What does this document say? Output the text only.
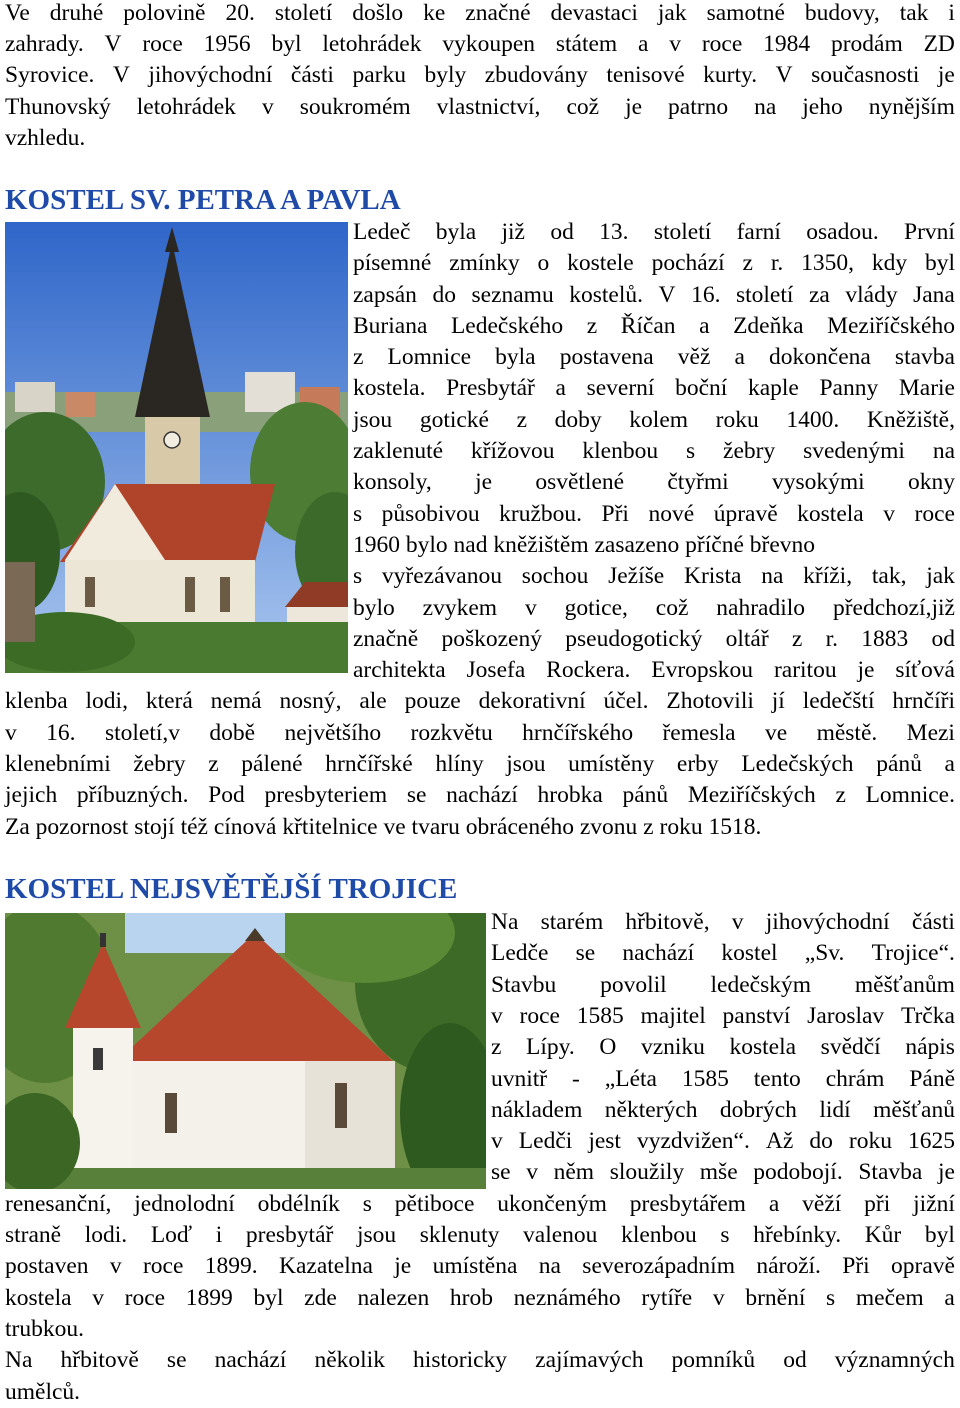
Ve druhé polovině 20. století došlo ke značné devastaci jak samotné budovy, tak i
zahrady. V roce 1956 byl letohrádek vykoupen státem a v roce 1984 prodám ZD
Syrovice. V jihovýchodní části parku byly zbudovány tenisové kurty. V současnosti je
Thunovský letohrádek v soukromém vlastnictví, což je patrno na jeho nynějším
vzhledu.
KOSTEL SV. PETRA A PAVLA
Ledeč byla již od 13. století farní osadou. První
písemné zmínky o kostele pochází z r. 1350, kdy byl
zapsán do seznamu kostelů. V 16. století za vlády Jana
Buriana Ledečského z Říčan a Zdeňka Meziříčského
z Lomnice byla postavena věž a dokončena stavba
kostela. Presbytář a severní boční kaple Panny Marie
jsou gotické z doby kolem roku 1400. Kněžiště,
zaklenuté křížovou klenbou s žebry svedenými na
konsoly, je osvětlené čtyřmi vysokými okny
s působivou kružbou. Při nové úpravě kostela v roce
1960 bylo nad kněžištěm zasazeno příčné břevno
s vyřezávanou sochou Ježíše Krista na kříži, tak, jak
bylo zvykem v gotice, což nahradilo předchozí,již
značně poškozený pseudogotický oltář z r. 1883 od
architekta Josefa Rockera. Evropskou raritou je síťová
klenba lodi, která nemá nosný, ale pouze dekorativní účel. Zhotovili jí ledečští hrnčíři
v 16. století,v době největšího rozkvětu hrnčířského řemesla ve městě. Mezi
klenebními žebry z pálené hrnčířské hlíny jsou umístěny erby Ledečských pánů a
jejich příbuzných. Pod presbyteriem se nachází hrobka pánů Meziříčských z Lomnice.
Za pozornost stojí též cínová křtitelnice ve tvaru obráceného zvonu z roku 1518.
KOSTEL NEJSVĚTĚJŠÍ TROJICE
Na starém hřbitově, v jihovýchodní části
Ledče se nachází kostel „Sv. Trojice“.
Stavbu povolil ledečským měšťanům
v roce 1585 majitel panství Jaroslav Trčka
z Lípy. O vzniku kostela svědčí nápis
uvnitř - „Léta 1585 tento chrám Páně
nákladem některých dobrých lidí měšťanů
v Ledči jest vyzdvižen“. Až do roku 1625
se v něm sloužily mše podobojí. Stavba je
renesanční, jednolodní obdélník s pětiboce ukončeným presbytářem a věží při jižní
straně lodi. Loď i presbytář jsou sklenuty valenou klenbou s hřebínky. Kůr byl
postaven v roce 1899. Kazatelna je umístěna na severozápadním nároží. Při opravě
kostela v roce 1899 byl zde nalezen hrob neznámého rytíře v brnění s mečem a
trubkou.
Na hřbitově se nachází několik historicky zajímavých pomníků od významných
umělců.
